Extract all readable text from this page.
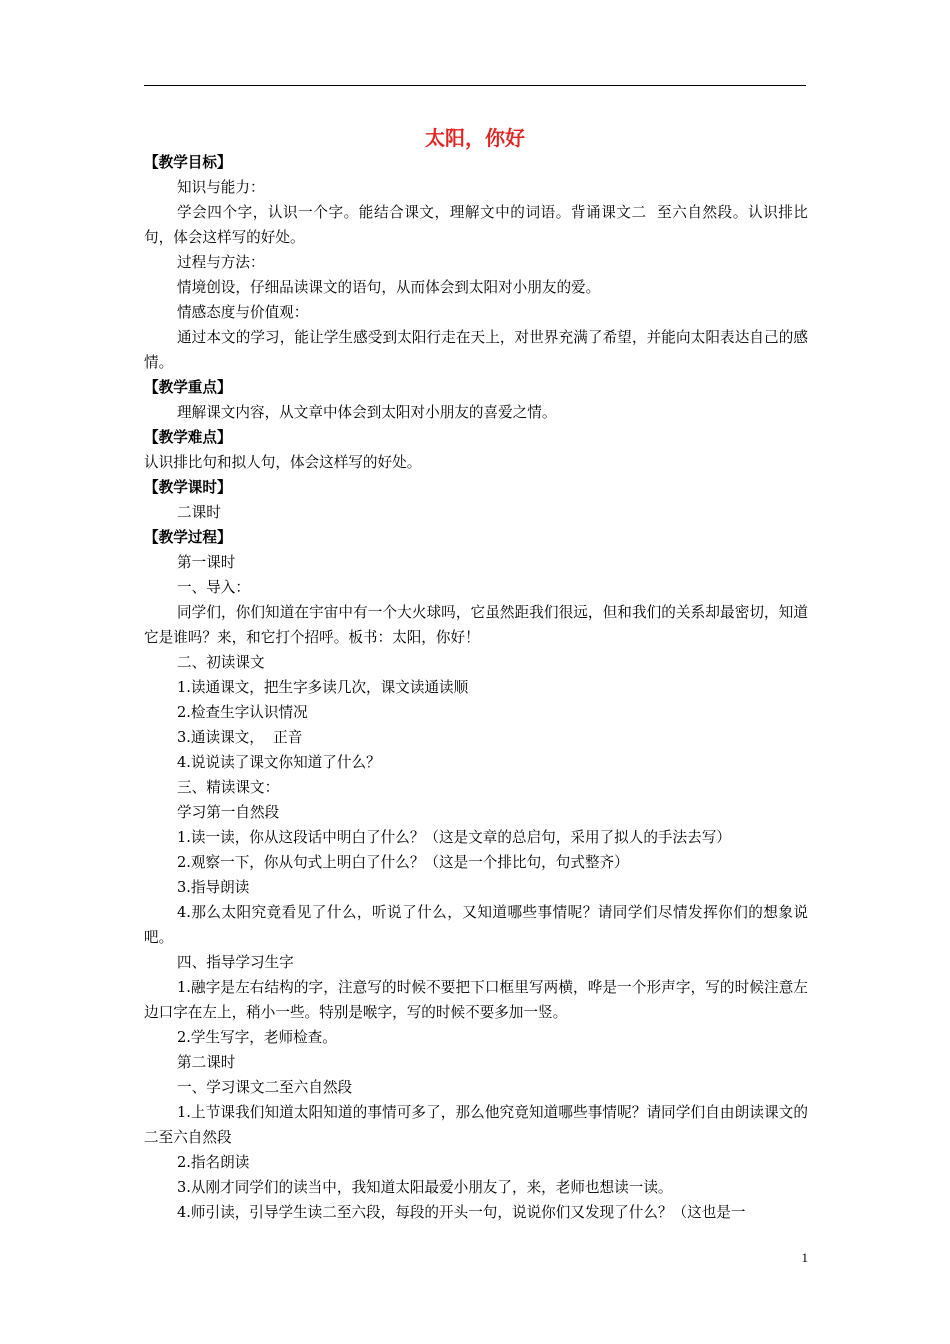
太阳，你好

【教学目标】

知识与能力：

学会四个字，认识一个字。能结合课文，理解文中的词语。背诵课文二  至六自然段。认识排比句，体会这样写的好处。

过程与方法：

情境创设，仔细品读课文的语句，从而体会到太阳对小朋友的爱。

情感态度与价值观：

通过本文的学习，能让学生感受到太阳行走在天上，对世界充满了希望，并能向太阳表达自己的感情。

【教学重点】

理解课文内容，从文章中体会到太阳对小朋友的喜爱之情。

【教学难点】

认识排比句和拟人句，体会这样写的好处。

【教学课时】

二课时

【教学过程】

第一课时

一、导入：

同学们，你们知道在宇宙中有一个大火球吗，它虽然距我们很远，但和我们的关系却最密切，知道它是谁吗？来，和它打个招呼。板书：太阳，你好！

二、初读课文

1.读通课文，把生字多读几次，课文读通读顺

2.检查生字认识情况

3.通读课文，  正音

4.说说读了课文你知道了什么？

三、精读课文：

学习第一自然段

1.读一读，你从这段话中明白了什么？（这是文章的总启句，采用了拟人的手法去写）

2.观察一下，你从句式上明白了什么？（这是一个排比句，句式整齐）

3.指导朗读

4.那么太阳究竟看见了什么，听说了什么，又知道哪些事情呢？请同学们尽情发挥你们的想象说吧。

四、指导学习生字

1.融字是左右结构的字，注意写的时候不要把下口框里写两横，哗是一个形声字，写的时候注意左边口字在左上，稍小一些。特别是喉字，写的时候不要多加一竖。

2.学生写字，老师检查。

第二课时

一、学习课文二至六自然段

1.上节课我们知道太阳知道的事情可多了，那么他究竟知道哪些事情呢？请同学们自由朗读课文的二至六自然段

2.指名朗读

3.从刚才同学们的读当中，我知道太阳最爱小朋友了，来，老师也想读一读。

4.师引读，引导学生读二至六段，每段的开头一句，说说你们又发现了什么？（这也是一

1
